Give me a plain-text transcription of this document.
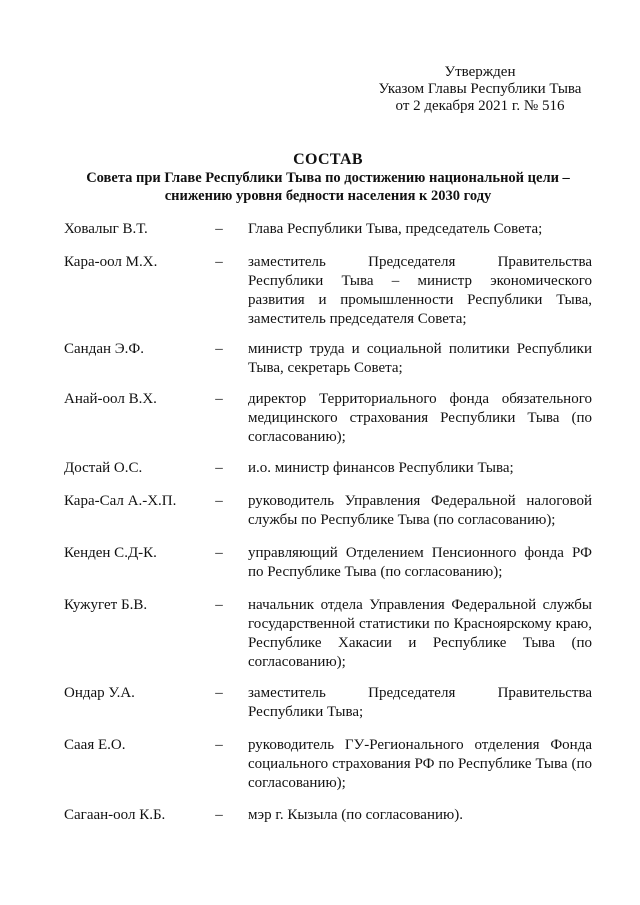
Утвержден
Указом Главы Республики Тыва
от 2 декабря 2021 г. № 516
СОСТАВ
Совета при Главе Республики Тыва по достижению национальной цели –
снижению уровня бедности населения к 2030 году
Ховалыг В.Т.	– Глава Республики Тыва, председатель Совета;
Кара-оол М.Х.	– заместитель Председателя Правительства Республики Тыва – министр экономического развития и промышленности Республики Тыва, заместитель председателя Совета;
Сандан Э.Ф.	– министр труда и социальной политики Республики Тыва, секретарь Совета;
Анай-оол В.Х.	– директор Территориального фонда обязательного медицинского страхования Республики Тыва (по согласованию);
Достай О.С.	– и.о. министр финансов Республики Тыва;
Кара-Сал А.-Х.П.	– руководитель Управления Федеральной налоговой службы по Республике Тыва (по согласованию);
Кенден С.Д-К.	– управляющий Отделением Пенсионного фонда РФ по Республике Тыва (по согласованию);
Кужугет Б.В.	– начальник отдела Управления Федеральной службы государственной статистики по Красноярскому краю, Республике Хакасии и Республике Тыва (по согласованию);
Ондар У.А.	– заместитель Председателя Правительства Республики Тыва;
Саая Е.О.	– руководитель ГУ-Регионального отделения Фонда социального страхования РФ по Республике Тыва (по согласованию);
Сагаан-оол К.Б.	– мэр г. Кызыла (по согласованию).
